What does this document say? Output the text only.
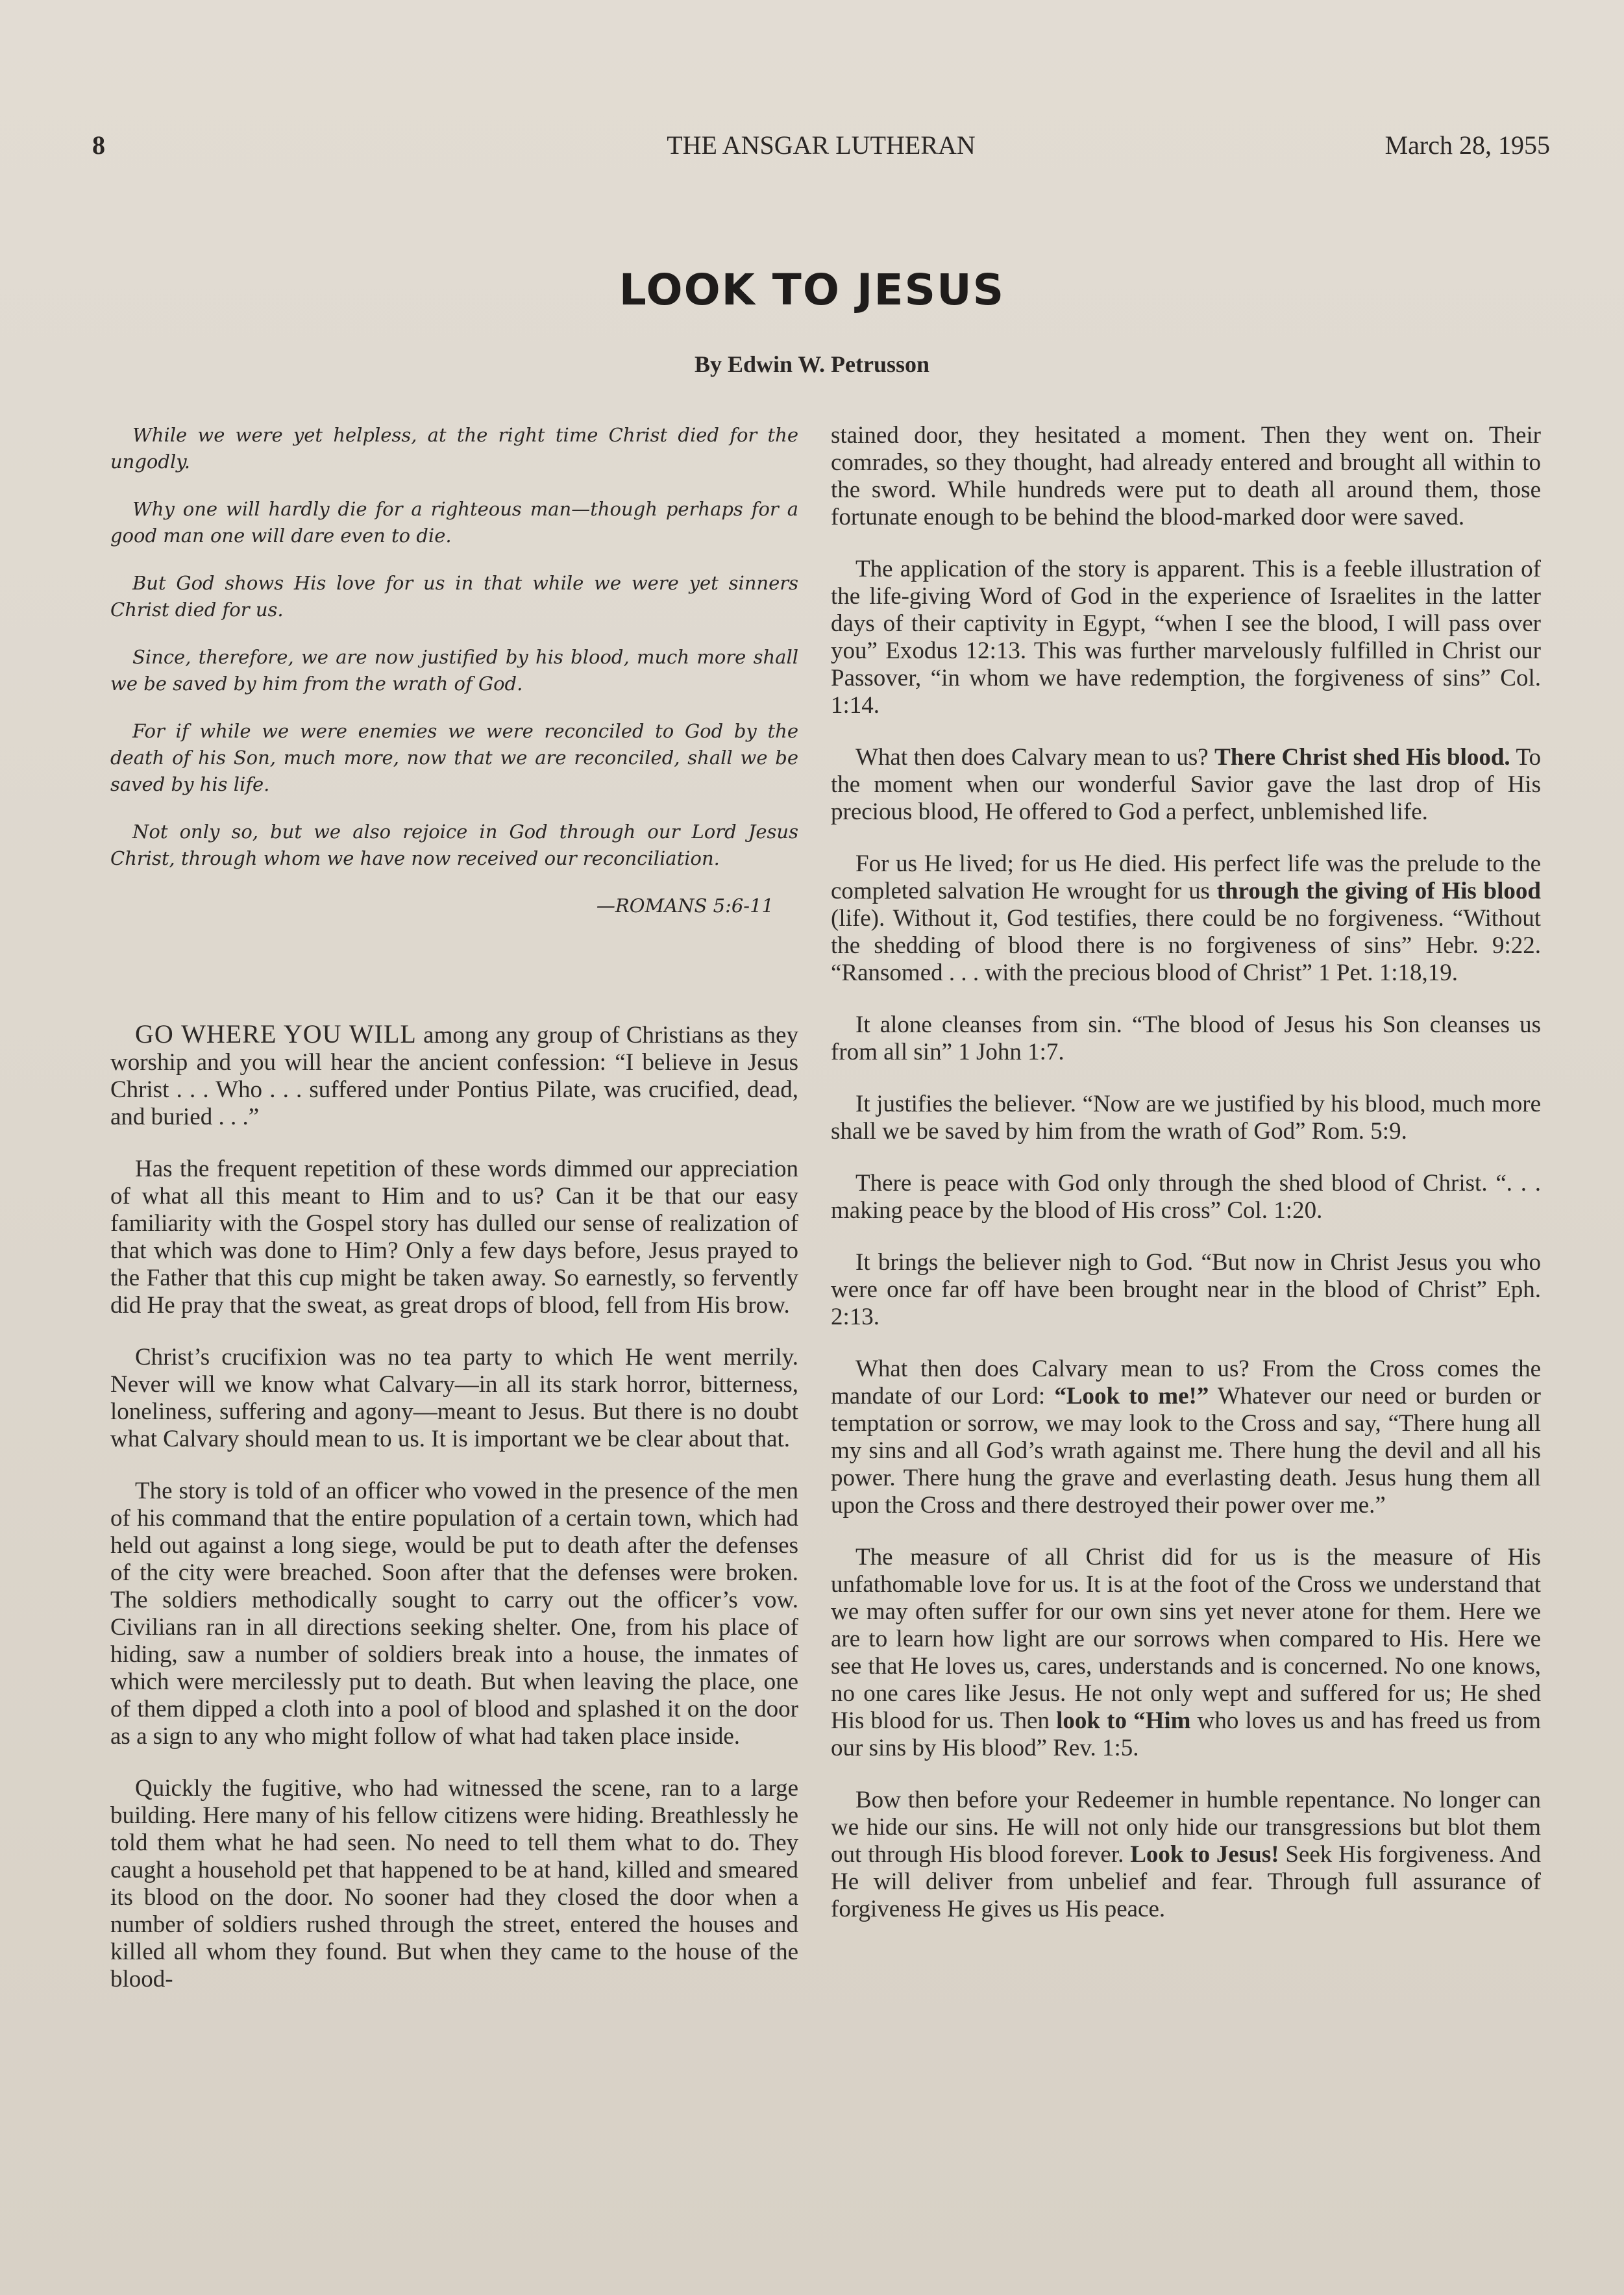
8	THE ANSGAR LUTHERAN	March 28, 1955
LOOK TO JESUS
By Edwin W. Petrusson

While we were yet helpless, at the right time Christ died for the ungodly.

Why one will hardly die for a righteous man—though perhaps for a good man one will dare even to die.

But God shows His love for us in that while we were yet sinners Christ died for us.

Since, therefore, we are now justified by his blood, much more shall we be saved by him from the wrath of God.

For if while we were enemies we were reconciled to God by the death of his Son, much more, now that we are reconciled, shall we be saved by his life.

Not only so, but we also rejoice in God through our Lord Jesus Christ, through whom we have now received our reconciliation.

—ROMANS 5:6-11

GO WHERE YOU WILL among any group of Christians as they worship and you will hear the ancient confession: “I believe in Jesus Christ . . . Who . . . suffered under Pontius Pilate, was crucified, dead, and buried . . .”

Has the frequent repetition of these words dimmed our appreciation of what all this meant to Him and to us? Can it be that our easy familiarity with the Gospel story has dulled our sense of realization of that which was done to Him? Only a few days before, Jesus prayed to the Father that this cup might be taken away. So earnestly, so fervently did He pray that the sweat, as great drops of blood, fell from His brow.

Christ’s crucifixion was no tea party to which He went merrily. Never will we know what Calvary—in all its stark horror, bitterness, loneliness, suffering and agony—meant to Jesus. But there is no doubt what Calvary should mean to us. It is important we be clear about that.

The story is told of an officer who vowed in the presence of the men of his command that the entire population of a certain town, which had held out against a long siege, would be put to death after the defenses of the city were breached. Soon after that the defenses were broken. The soldiers methodically sought to carry out the officer’s vow. Civilians ran in all directions seeking shelter. One, from his place of hiding, saw a number of soldiers break into a house, the inmates of which were mercilessly put to death. But when leaving the place, one of them dipped a cloth into a pool of blood and splashed it on the door as a sign to any who might follow of what had taken place inside.

Quickly the fugitive, who had witnessed the scene, ran to a large building. Here many of his fellow citizens were hiding. Breathlessly he told them what he had seen. No need to tell them what to do. They caught a household pet that happened to be at hand, killed and smeared its blood on the door. No sooner had they closed the door when a number of soldiers rushed through the street, entered the houses and killed all whom they found. But when they came to the house of the blood-

stained door, they hesitated a moment. Then they went on. Their comrades, so they thought, had already entered and brought all within to the sword. While hundreds were put to death all around them, those fortunate enough to be behind the blood-marked door were saved.

The application of the story is apparent. This is a feeble illustration of the life-giving Word of God in the experience of Israelites in the latter days of their captivity in Egypt, “when I see the blood, I will pass over you” Exodus 12:13. This was further marvelously fulfilled in Christ our Passover, “in whom we have redemption, the forgiveness of sins” Col. 1:14.

What then does Calvary mean to us? There Christ shed His blood. To the moment when our wonderful Savior gave the last drop of His precious blood, He offered to God a perfect, unblemished life.

For us He lived; for us He died. His perfect life was the prelude to the completed salvation He wrought for us through the giving of His blood (life). Without it, God testifies, there could be no forgiveness. “Without the shedding of blood there is no forgiveness of sins” Hebr. 9:22. “Ransomed . . . with the precious blood of Christ” 1 Pet. 1:18,19.

It alone cleanses from sin. “The blood of Jesus his Son cleanses us from all sin” 1 John 1:7.

It justifies the believer. “Now are we justified by his blood, much more shall we be saved by him from the wrath of God” Rom. 5:9.

There is peace with God only through the shed blood of Christ. “. . . making peace by the blood of His cross” Col. 1:20.

It brings the believer nigh to God. “But now in Christ Jesus you who were once far off have been brought near in the blood of Christ” Eph. 2:13.

What then does Calvary mean to us? From the Cross comes the mandate of our Lord: “Look to me!” Whatever our need or burden or temptation or sorrow, we may look to the Cross and say, “There hung all my sins and all God’s wrath against me. There hung the devil and all his power. There hung the grave and everlasting death. Jesus hung them all upon the Cross and there destroyed their power over me.”

The measure of all Christ did for us is the measure of His unfathomable love for us. It is at the foot of the Cross we understand that we may often suffer for our own sins yet never atone for them. Here we are to learn how light are our sorrows when compared to His. Here we see that He loves us, cares, understands and is concerned. No one knows, no one cares like Jesus. He not only wept and suffered for us; He shed His blood for us. Then look to “Him who loves us and has freed us from our sins by His blood” Rev. 1:5.

Bow then before your Redeemer in humble repentance. No longer can we hide our sins. He will not only hide our transgressions but blot them out through His blood forever. Look to Jesus! Seek His forgiveness. And He will deliver from unbelief and fear. Through full assurance of forgiveness He gives us His peace.
